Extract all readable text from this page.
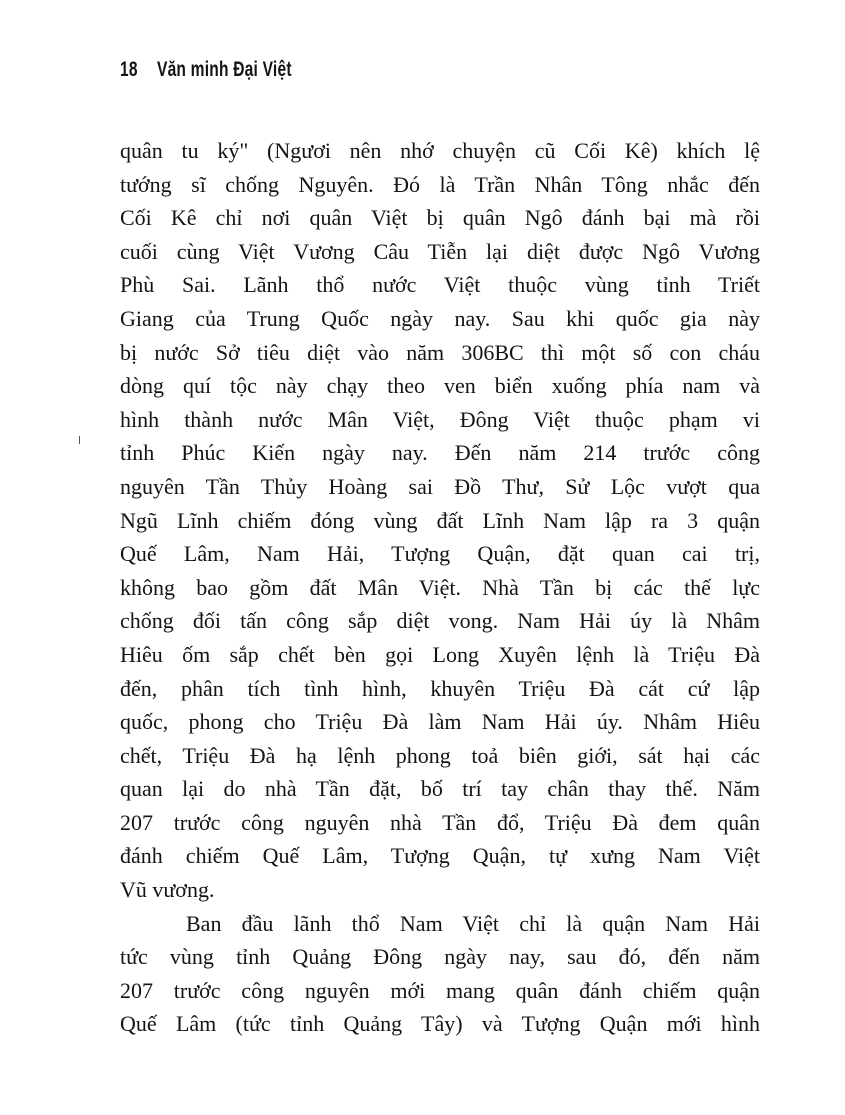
18 Văn minh Đại Việt
quân tu ký" (Ngươi nên nhớ chuyện cũ Cối Kê) khích lệ
tướng sĩ chống Nguyên. Đó là Trần Nhân Tông nhắc đến
Cối Kê chỉ nơi quân Việt bị quân Ngô đánh bại mà rồi
cuối cùng Việt Vương Câu Tiễn lại diệt được Ngô Vương
Phù Sai. Lãnh thổ nước Việt thuộc vùng tỉnh Triết
Giang của Trung Quốc ngày nay. Sau khi quốc gia này
bị nước Sở tiêu diệt vào năm 306BC thì một số con cháu
dòng quí tộc này chạy theo ven biển xuống phía nam và
hình thành nước Mân Việt, Đông Việt thuộc phạm vi
tỉnh Phúc Kiến ngày nay. Đến năm 214 trước công
nguyên Tần Thủy Hoàng sai Đồ Thư, Sử Lộc vượt qua
Ngũ Lĩnh chiếm đóng vùng đất Lĩnh Nam lập ra 3 quận
Quế Lâm, Nam Hải, Tượng Quận, đặt quan cai trị,
không bao gồm đất Mân Việt. Nhà Tần bị các thế lực
chống đối tấn công sắp diệt vong. Nam Hải úy là Nhâm
Hiêu ốm sắp chết bèn gọi Long Xuyên lệnh là Triệu Đà
đến, phân tích tình hình, khuyên Triệu Đà cát cứ lập
quốc, phong cho Triệu Đà làm Nam Hải úy. Nhâm Hiêu
chết, Triệu Đà hạ lệnh phong toả biên giới, sát hại các
quan lại do nhà Tần đặt, bố trí tay chân thay thế. Năm
207 trước công nguyên nhà Tần đổ, Triệu Đà đem quân
đánh chiếm Quế Lâm, Tượng Quận, tự xưng Nam Việt
Vũ vương.
Ban đầu lãnh thổ Nam Việt chỉ là quận Nam Hải
tức vùng tỉnh Quảng Đông ngày nay, sau đó, đến năm
207 trước công nguyên mới mang quân đánh chiếm quận
Quế Lâm (tức tỉnh Quảng Tây) và Tượng Quận mới hình
